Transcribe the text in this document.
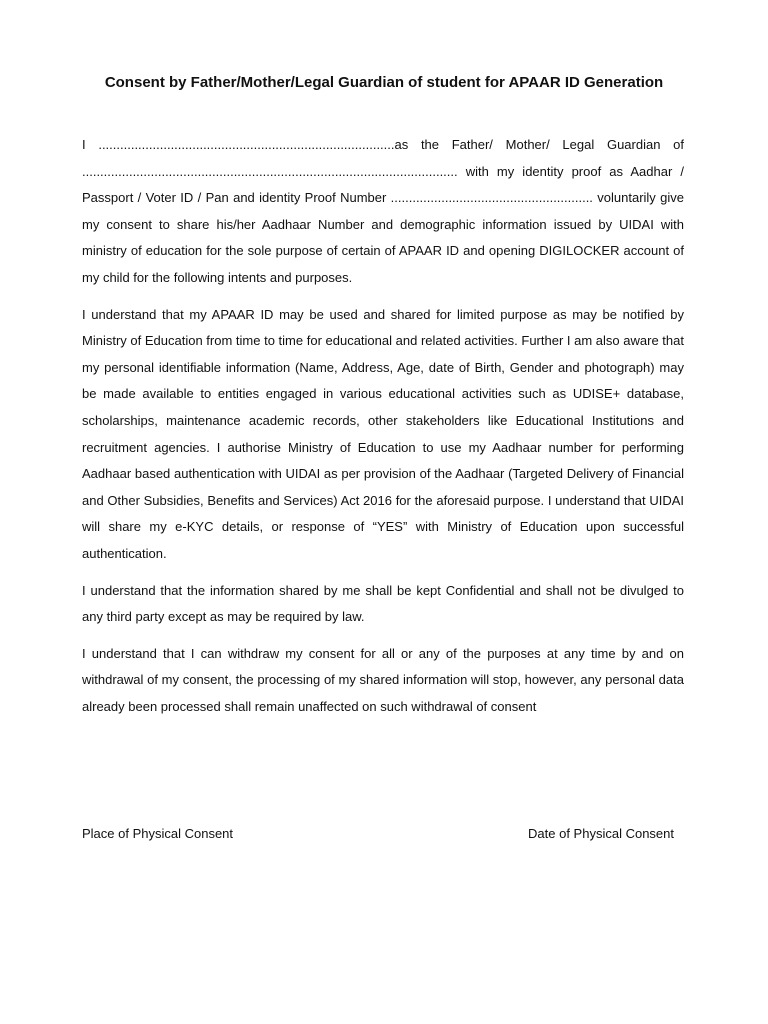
Consent by Father/Mother/Legal Guardian of student for APAAR ID Generation

I ..................................................................................as the Father/ Mother/ Legal Guardian of ........................................................................................................ with my identity proof as Aadhar / Passport / Voter ID / Pan and identity Proof Number ........................................................ voluntarily give my consent to share his/her Aadhaar Number and demographic information issued by UIDAI with ministry of education for the sole purpose of certain of APAAR ID and opening DIGILOCKER account of my child for the following intents and purposes.

I understand that my APAAR ID may be used and shared for limited purpose as may be notified by Ministry of Education from time to time for educational and related activities. Further I am also aware that my personal identifiable information (Name, Address, Age, date of Birth, Gender and photograph) may be made available to entities engaged in various educational activities such as UDISE+ database, scholarships, maintenance academic records, other stakeholders like Educational Institutions and recruitment agencies. I authorise Ministry of Education to use my Aadhaar number for performing Aadhaar based authentication with UIDAI as per provision of the Aadhaar (Targeted Delivery of Financial and Other Subsidies, Benefits and Services) Act 2016 for the aforesaid purpose. I understand that UIDAI will share my e-KYC details, or response of “YES” with Ministry of Education upon successful authentication.

I understand that the information shared by me shall be kept Confidential and shall not be divulged to any third party except as may be required by law.

I understand that I can withdraw my consent for all or any of the purposes at any time by and on withdrawal of my consent, the processing of my shared information will stop, however, any personal data already been processed shall remain unaffected on such withdrawal of consent

Place of Physical Consent	Date of Physical Consent
